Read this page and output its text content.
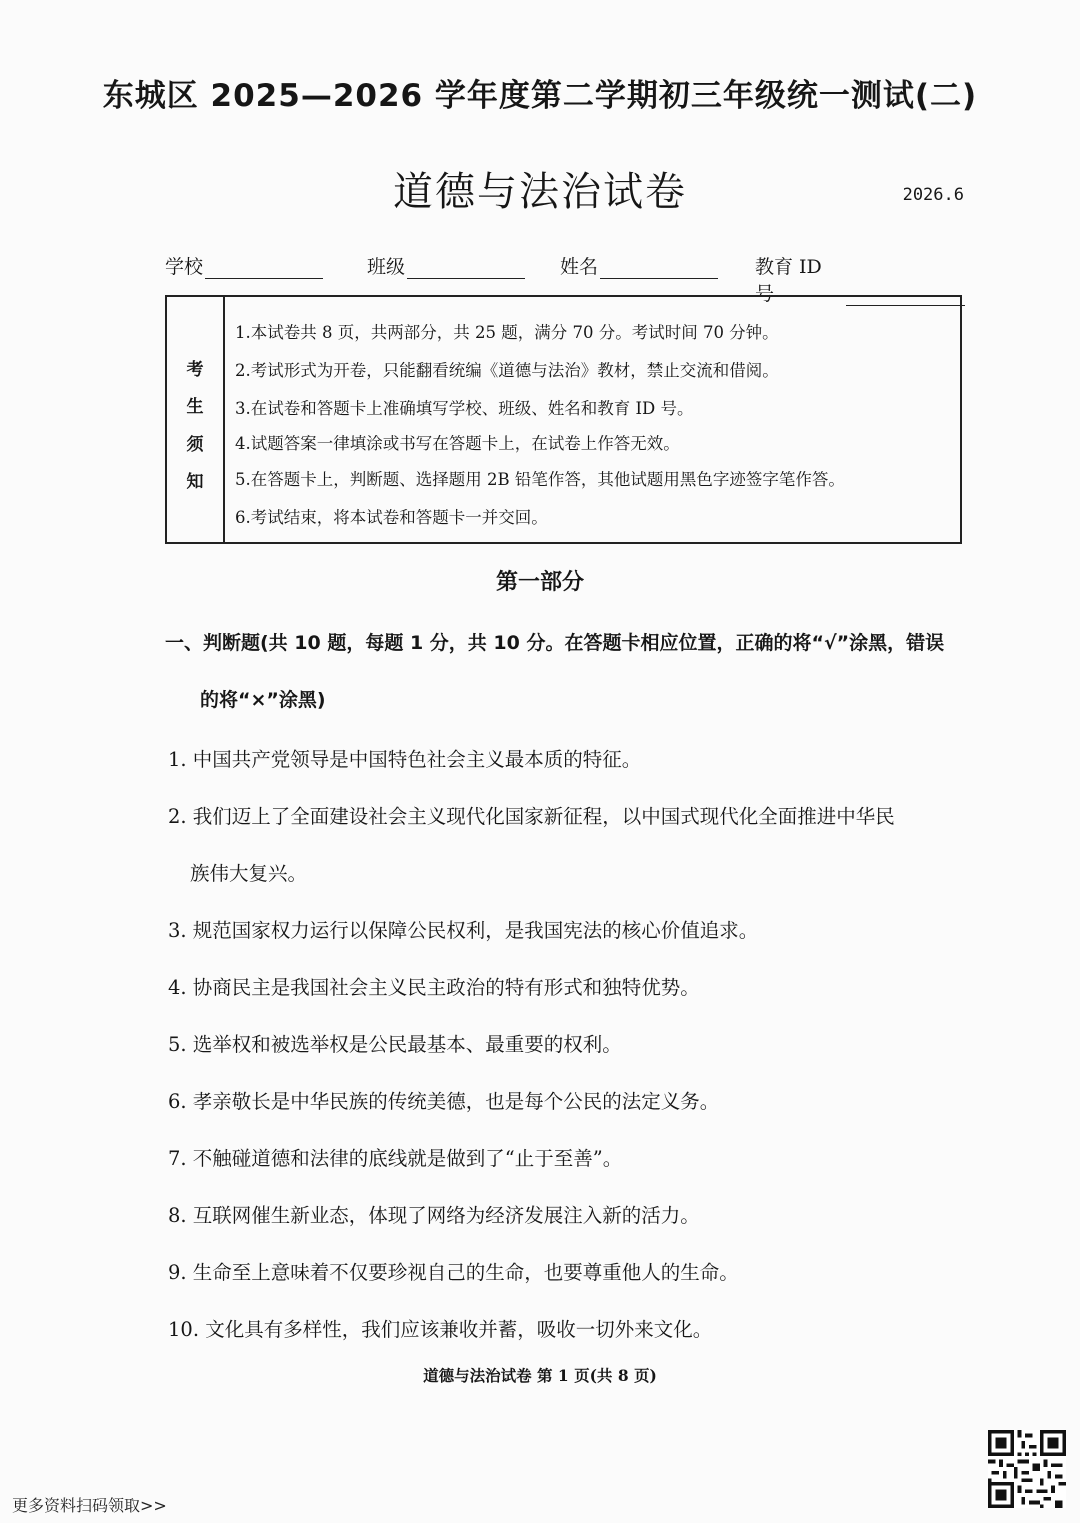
东城区 2025—2026 学年度第二学期初三年级统一测试(二)
道德与法治试卷	2026.6
学校	班级	姓名	教育 ID 号
考
生
须
知
1.本试卷共 8 页，共两部分，共 25 题，满分 70 分。考试时间 70 分钟。
2.考试形式为开卷，只能翻看统编《道德与法治》教材，禁止交流和借阅。
3.在试卷和答题卡上准确填写学校、班级、姓名和教育 ID 号。
4.试题答案一律填涂或书写在答题卡上，在试卷上作答无效。
5.在答题卡上，判断题、选择题用 2B 铅笔作答，其他试题用黑色字迹签字笔作答。
6.考试结束，将本试卷和答题卡一并交回。
第一部分
一、判断题(共 10 题，每题 1 分，共 10 分。在答题卡相应位置，正确的将“√”涂黑，错误
的将“×”涂黑)
1. 中国共产党领导是中国特色社会主义最本质的特征。
2. 我们迈上了全面建设社会主义现代化国家新征程，以中国式现代化全面推进中华民
族伟大复兴。
3. 规范国家权力运行以保障公民权利，是我国宪法的核心价值追求。
4. 协商民主是我国社会主义民主政治的特有形式和独特优势。
5. 选举权和被选举权是公民最基本、最重要的权利。
6. 孝亲敬长是中华民族的传统美德，也是每个公民的法定义务。
7. 不触碰道德和法律的底线就是做到了“止于至善”。
8. 互联网催生新业态，体现了网络为经济发展注入新的活力。
9. 生命至上意味着不仅要珍视自己的生命，也要尊重他人的生命。
10. 文化具有多样性，我们应该兼收并蓄，吸收一切外来文化。
道德与法治试卷 第 1 页(共 8 页)
更多资料扫码领取>>
